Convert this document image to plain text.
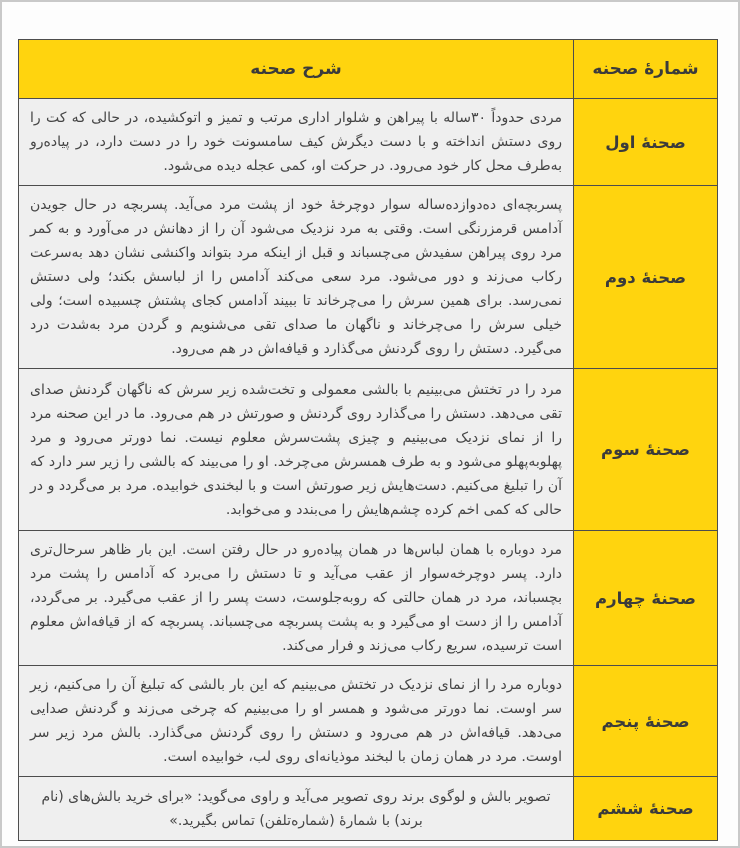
شمارهٔ صحنه	شرح صحنه
صحنهٔ اول	مردی حدوداً ۳۰ساله با پیراهن و شلوار اداری مرتب و تمیز و اتوکشیده، در حالی که کت را روی دستش انداخته و با دست دیگرش کیف سامسونت خود را در دست دارد، در پیاده‌رو به‌طرف محل کار خود می‌رود. در حرکت او، کمی عجله دیده می‌شود.
صحنهٔ دوم	پسربچه‌ای ده‌دوازده‌ساله سوار دوچرخهٔ خود از پشت مرد می‌آید. پسربچه در حال جویدن آدامس قرمزرنگی است. وقتی به مرد نزدیک می‌شود آن را از دهانش در می‌آورد و به کمر مرد روی پیراهن سفیدش می‌چسباند و قبل از اینکه مرد بتواند واکنشی نشان دهد به‌سرعت رکاب می‌زند و دور می‌شود. مرد سعی می‌کند آدامس را از لباسش بکند؛ ولی دستش نمی‌رسد. برای همین سرش را می‌چرخاند تا ببیند آدامس کجای پشتش چسبیده است؛ ولی خیلی سرش را می‌چرخاند و ناگهان ما صدای تقی می‌شنویم و گردن مرد به‌شدت درد می‌گیرد. دستش را روی گردنش می‌گذارد و قیافه‌اش در هم می‌رود.
صحنهٔ سوم	مرد را در تختش می‌بینیم با بالشی معمولی و تخت‌شده زیر سرش که ناگهان گردنش صدای تقی می‌دهد. دستش را می‌گذارد روی گردنش و صورتش در هم می‌رود. ما در این صحنه مرد را از نمای نزدیک می‌بینیم و چیزی پشت‌سرش معلوم نیست. نما دورتر می‌رود و مرد پهلوبه‌پهلو می‌شود و به طرف همسرش می‌چرخد. او را می‌بیند که بالشی را زیر سر دارد که آن را تبلیغ می‌کنیم. دست‌هایش زیر صورتش است و با لبخندی خوابیده. مرد بر می‌گردد و در حالی که کمی اخم کرده چشم‌هایش را می‌بندد و می‌خوابد.
صحنهٔ چهارم	مرد دوباره با همان لباس‌ها در همان پیاده‌رو در حال رفتن است. این بار ظاهر سرحال‌تری دارد. پسر دوچرخه‌سوار از عقب می‌آید و تا دستش را می‌برد که آدامس را پشت مرد بچسباند، مرد در همان حالتی که روبه‌جلوست، دست پسر را از عقب می‌گیرد. بر می‌گردد، آدامس را از دست او می‌گیرد و به پشت پسربچه می‌چسباند. پسربچه که از قیافه‌اش معلوم است ترسیده، سریع رکاب می‌زند و فرار می‌کند.
صحنهٔ پنجم	دوباره مرد را از نمای نزدیک در تختش می‌بینیم که این بار بالشی که تبلیغ آن را می‌کنیم، زیر سر اوست. نما دورتر می‌شود و همسر او را می‌بینیم که چرخی می‌زند و گردنش صدایی می‌دهد. قیافه‌اش در هم می‌رود و دستش را روی گردنش می‌گذارد. بالش مرد زیر سر اوست. مرد در همان زمان با لبخند موذیانه‌ای روی لب، خوابیده است.
صحنهٔ ششم	تصویر بالش و لوگوی برند روی تصویر می‌آید و راوی می‌گوید: «برای خرید بالش‌های (نام برند) با شمارهٔ (شماره‌تلفن) تماس بگیرید.»
